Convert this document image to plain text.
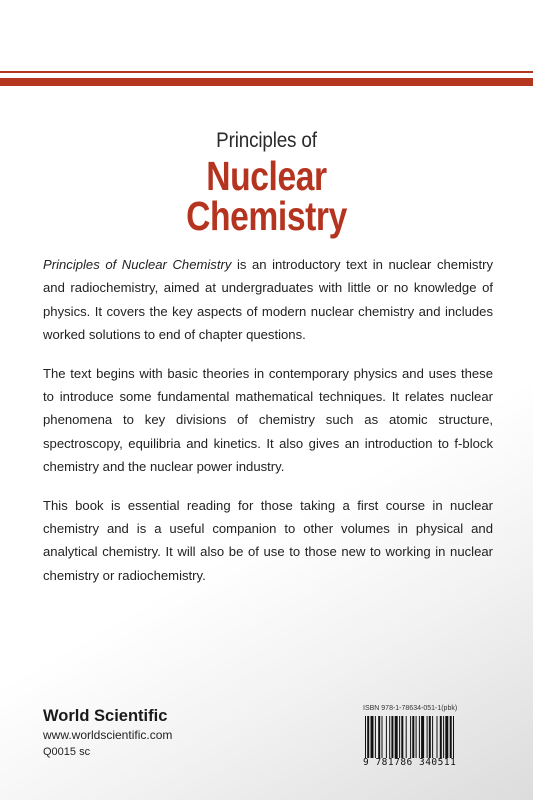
Principles of
Nuclear
Chemistry

Principles of Nuclear Chemistry is an introductory text in nuclear chemistry and radiochemistry, aimed at undergraduates with little or no knowledge of physics. It covers the key aspects of modern nuclear chemistry and includes worked solutions to end of chapter questions.

The text begins with basic theories in contemporary physics and uses these to introduce some fundamental mathematical techniques. It relates nuclear phenomena to key divisions of chemistry such as atomic structure, spectroscopy, equilibria and kinetics. It also gives an introduction to f-block chemistry and the nuclear power industry.

This book is essential reading for those taking a first course in nuclear chemistry and is a useful companion to other volumes in physical and analytical chemistry. It will also be of use to those new to working in nuclear chemistry or radiochemistry.

World Scientific
www.worldscientific.com
Q0015 sc
ISBN 978-1-78634-051-1(pbk)
9 781786 340511
